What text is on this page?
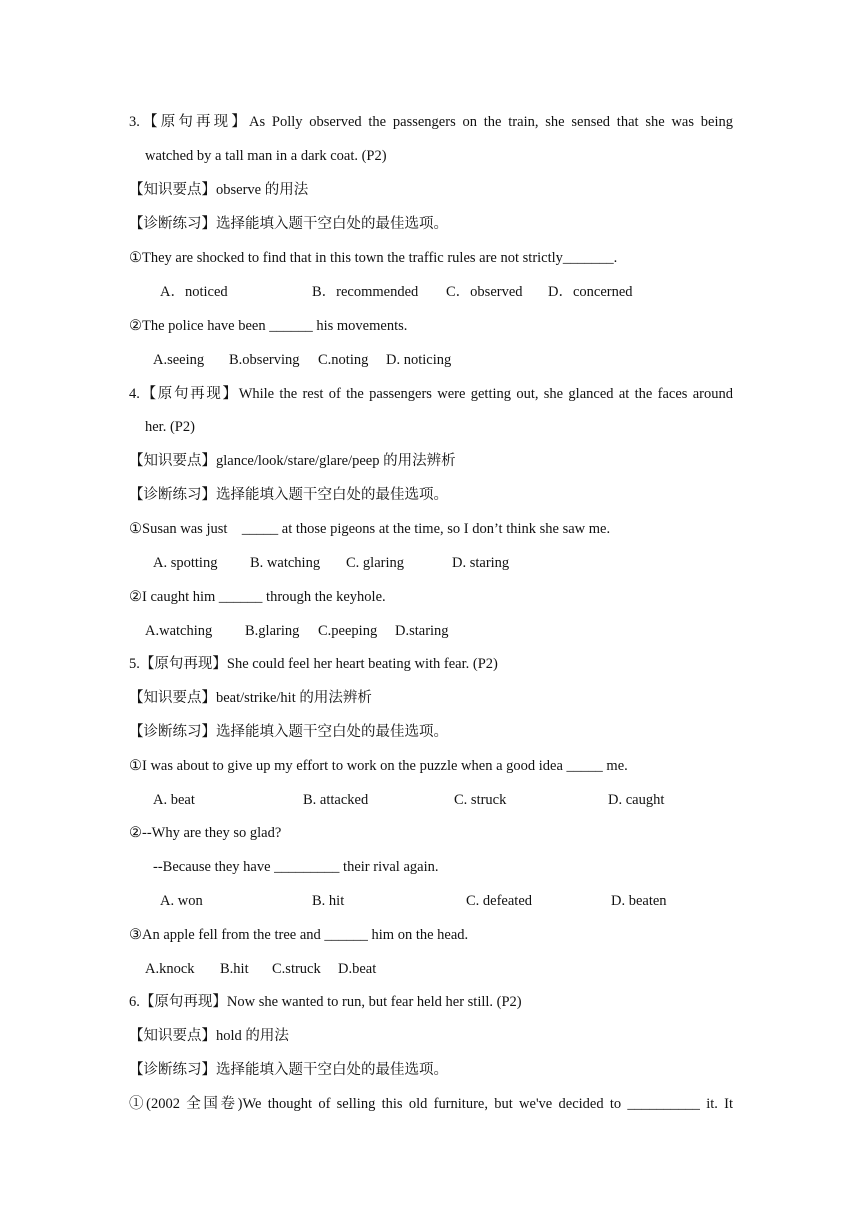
3.【原句再现】As Polly observed the passengers on the train, she sensed that she was being
watched by a tall man in a dark coat. (P2)
【知识要点】observe 的用法
【诊断练习】选择能填入题干空白处的最佳选项。
①They are shocked to find that in this town the traffic rules are not strictly_______.
A．noticed	B．recommended C．observed D．concerned
②The police have been ______ his movements.
A.seeing B.observing C.noting D. noticing
4.【原句再现】While the rest of the passengers were getting out, she glanced at the faces around
her. (P2)
【知识要点】glance/look/stare/glare/peep 的用法辨析
【诊断练习】选择能填入题干空白处的最佳选项。
①Susan was just    _____ at those pigeons at the time, so I don’t think she saw me.
A. spotting B. watching C. glaring	D. staring
②I caught him ______ through the keyhole.
A.watching B.glaring C.peeping D.staring
5.【原句再现】She could feel her heart beating with fear. (P2)
【知识要点】beat/strike/hit 的用法辨析
【诊断练习】选择能填入题干空白处的最佳选项。
①I was about to give up my effort to work on the puzzle when a good idea _____ me.
A. beat	B. attacked	C. struck	D. caught
②--Why are they so glad?
--Because they have _________ their rival again.
A. won	B. hit	C. defeated	D. beaten
③An apple fell from the tree and ______ him on the head.
A.knock B.hit C.struck D.beat
6.【原句再现】Now she wanted to run, but fear held her still. (P2)
【知识要点】hold 的用法
【诊断练习】选择能填入题干空白处的最佳选项。
①(2002 全国卷)We thought of selling this old furniture, but we've decided to __________ it. It
